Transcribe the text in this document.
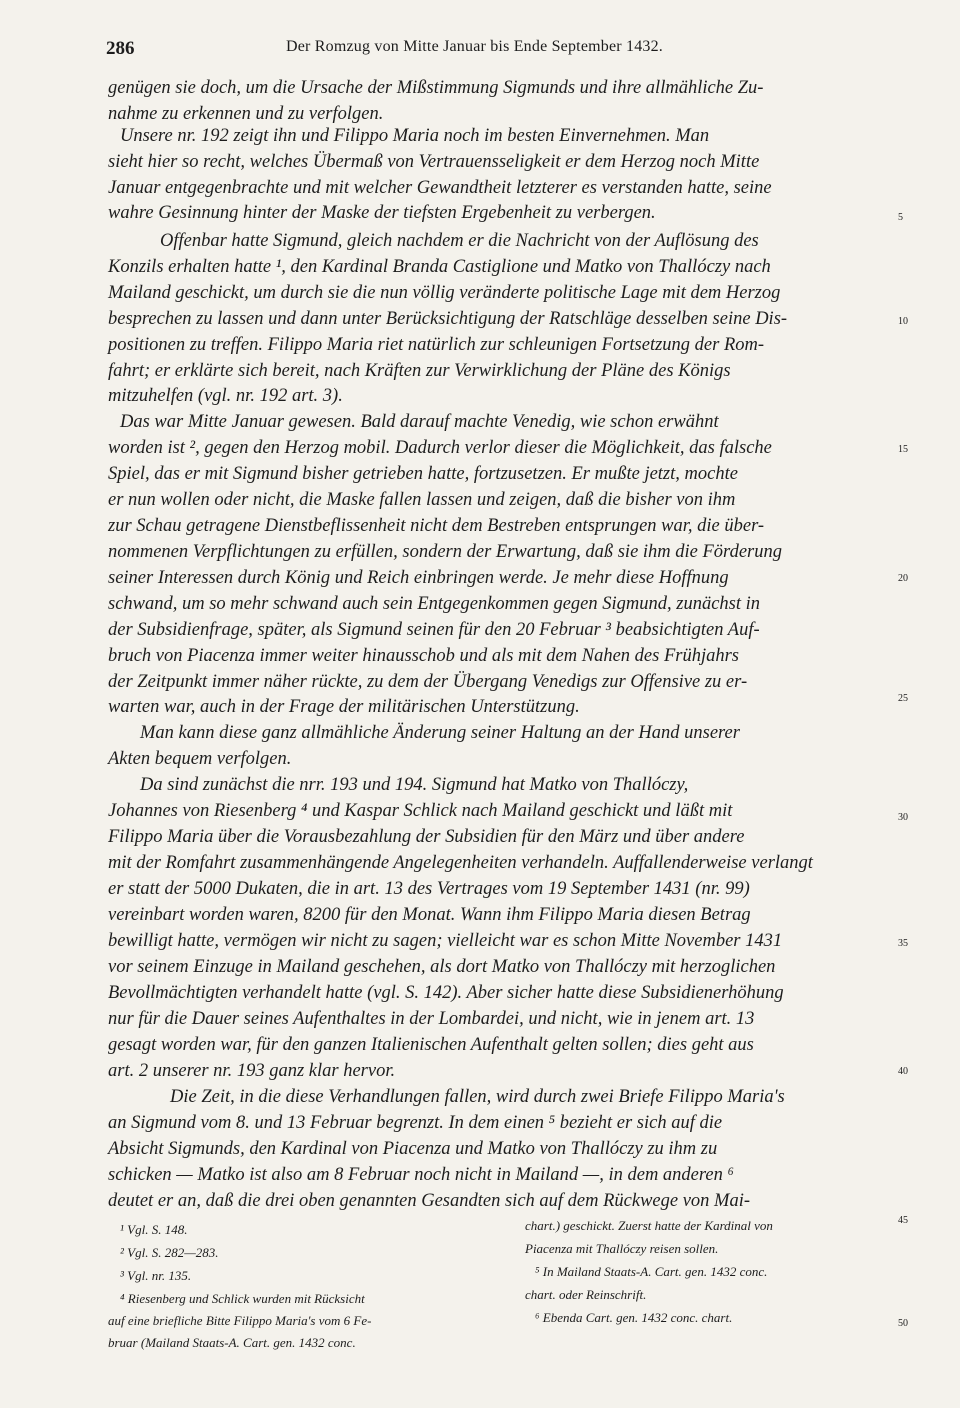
286	Der Romzug von Mitte Januar bis Ende September 1432.
genügen sie doch, um die Ursache der Mißstimmung Sigmunds und ihre allmähliche Zu-
nahme zu erkennen und zu verfolgen.
Unsere nr. 192 zeigt ihn und Filippo Maria noch im besten Einvernehmen. Man
sieht hier so recht, welches Übermaß von Vertrauensseligkeit er dem Herzog noch Mitte
Januar entgegenbrachte und mit welcher Gewandtheit letzterer es verstanden hatte, seine
wahre Gesinnung hinter der Maske der tiefsten Ergebenheit zu verbergen.
Offenbar hatte Sigmund, gleich nachdem er die Nachricht von der Auflösung des
Konzils erhalten hatte ¹, den Kardinal Branda Castiglione und Matko von Thallóczy nach
Mailand geschickt, um durch sie die nun völlig veränderte politische Lage mit dem Herzog
besprechen zu lassen und dann unter Berücksichtigung der Ratschläge desselben seine Dis-
positionen zu treffen. Filippo Maria riet natürlich zur schleunigen Fortsetzung der Rom-
fahrt; er erklärte sich bereit, nach Kräften zur Verwirklichung der Pläne des Königs
mitzuhelfen (vgl. nr. 192 art. 3).
Das war Mitte Januar gewesen. Bald darauf machte Venedig, wie schon erwähnt
worden ist ², gegen den Herzog mobil. Dadurch verlor dieser die Möglichkeit, das falsche
Spiel, das er mit Sigmund bisher getrieben hatte, fortzusetzen. Er mußte jetzt, mochte
er nun wollen oder nicht, die Maske fallen lassen und zeigen, daß die bisher von ihm
zur Schau getragene Dienstbeflissenheit nicht dem Bestreben entsprungen war, die über-
nommenen Verpflichtungen zu erfüllen, sondern der Erwartung, daß sie ihm die Förderung
seiner Interessen durch König und Reich einbringen werde. Je mehr diese Hoffnung
schwand, um so mehr schwand auch sein Entgegenkommen gegen Sigmund, zunächst in
der Subsidienfrage, später, als Sigmund seinen für den 20 Februar ³ beabsichtigten Auf-
bruch von Piacenza immer weiter hinausschob und als mit dem Nahen des Frühjahrs
der Zeitpunkt immer näher rückte, zu dem der Übergang Venedigs zur Offensive zu er-
warten war, auch in der Frage der militärischen Unterstützung.
Man kann diese ganz allmähliche Änderung seiner Haltung an der Hand unserer
Akten bequem verfolgen.
Da sind zunächst die nrr. 193 und 194. Sigmund hat Matko von Thallóczy,
Johannes von Riesenberg ⁴ und Kaspar Schlick nach Mailand geschickt und läßt mit
Filippo Maria über die Vorausbezahlung der Subsidien für den März und über andere
mit der Romfahrt zusammenhängende Angelegenheiten verhandeln. Auffallenderweise verlangt
er statt der 5000 Dukaten, die in art. 13 des Vertrages vom 19 September 1431 (nr. 99)
vereinbart worden waren, 8200 für den Monat. Wann ihm Filippo Maria diesen Betrag
bewilligt hatte, vermögen wir nicht zu sagen; vielleicht war es schon Mitte November 1431
vor seinem Einzuge in Mailand geschehen, als dort Matko von Thallóczy mit herzoglichen
Bevollmächtigten verhandelt hatte (vgl. S. 142). Aber sicher hatte diese Subsidienerhöhung
nur für die Dauer seines Aufenthaltes in der Lombardei, und nicht, wie in jenem art. 13
gesagt worden war, für den ganzen Italienischen Aufenthalt gelten sollen; dies geht aus
art. 2 unserer nr. 193 ganz klar hervor.
Die Zeit, in die diese Verhandlungen fallen, wird durch zwei Briefe Filippo Maria's
an Sigmund vom 8. und 13 Februar begrenzt. In dem einen ⁵ bezieht er sich auf die
Absicht Sigmunds, den Kardinal von Piacenza und Matko von Thallóczy zu ihm zu
schicken — Matko ist also am 8 Februar noch nicht in Mailand —, in dem anderen ⁶
deutet er an, daß die drei oben genannten Gesandten sich auf dem Rückwege von Mai-
5
10
15
20
25
30
35
40
45
50
¹ Vgl. S. 148.
² Vgl. S. 282—283.
³ Vgl. nr. 135.
⁴ Riesenberg und Schlick wurden mit Rücksicht
auf eine briefliche Bitte Filippo Maria's vom 6 Fe-
bruar (Mailand Staats-A. Cart. gen. 1432 conc.
chart.) geschickt. Zuerst hatte der Kardinal von
Piacenza mit Thallóczy reisen sollen.
⁵ In Mailand Staats-A. Cart. gen. 1432 conc.
chart. oder Reinschrift.
⁶ Ebenda Cart. gen. 1432 conc. chart.
